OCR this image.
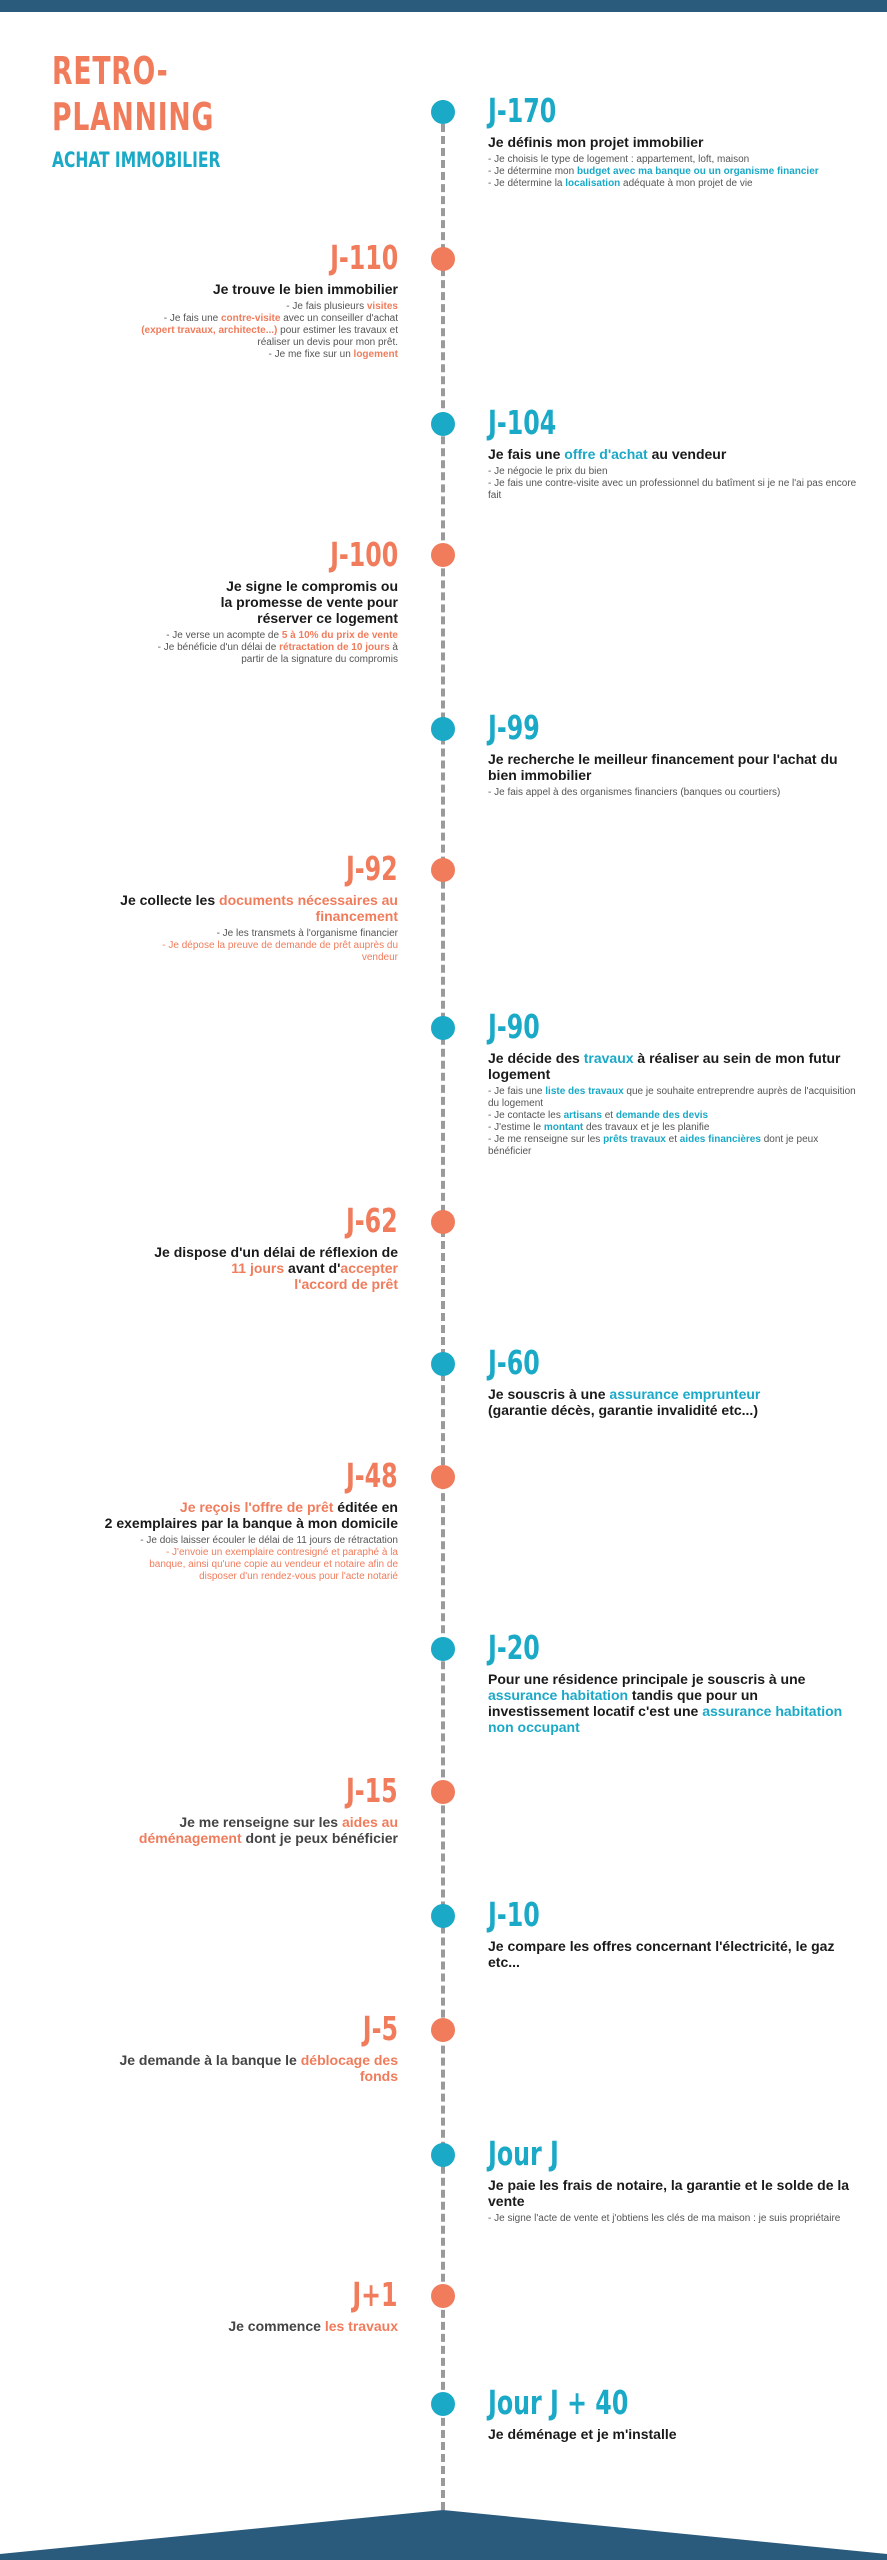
RETRO-
PLANNING
ACHAT IMMOBILIER
J-170
Je définis mon projet immobilier
- Je choisis le type de logement : appartement, loft, maison
- Je détermine mon budget avec ma banque ou un organisme financier
- Je détermine la localisation adéquate à mon projet de vie
J-110
Je trouve le bien immobilier
- Je fais plusieurs visites
- Je fais une contre-visite avec un conseiller d'achat
(expert travaux, architecte...) pour estimer les travaux et
réaliser un devis pour mon prêt.
- Je me fixe sur un logement
J-104
Je fais une offre d'achat au vendeur
- Je négocie le prix du bien
- Je fais une contre-visite avec un professionnel du batîment si je ne l'ai pas encore fait
J-100
Je signe le compromis ou
la promesse de vente pour
réserver ce logement
- Je verse un acompte de 5 à 10% du prix de vente
- Je bénéficie d'un délai de rétractation de 10 jours à
partir de la signature du compromis
J-99
Je recherche le meilleur financement pour l'achat du bien immobilier
- Je fais appel à des organismes financiers (banques ou courtiers)
J-92
Je collecte les documents nécessaires au
financement
- Je les transmets à l'organisme financier
- Je dépose la preuve de demande de prêt auprès du
vendeur
J-90
Je décide des travaux à réaliser au sein de mon futur logement
- Je fais une liste des travaux que je souhaite entreprendre auprès de l'acquisition du logement
- Je contacte les artisans et demande des devis
- J'estime le montant des travaux et je les planifie
- Je me renseigne sur les prêts travaux et aides financières dont je peux bénéficier
J-62
Je dispose d'un délai de réflexion de
11 jours avant d'accepter
l'accord de prêt
J-60
Je souscris à une assurance emprunteur
(garantie décès, garantie invalidité etc...)
J-48
Je reçois l'offre de prêt éditée en
2 exemplaires par la banque à mon domicile
- Je dois laisser écouler le délai de 11 jours de rétractation
- J'envoie un exemplaire contresigné et paraphé à la
banque, ainsi qu'une copie au vendeur et notaire afin de
disposer d'un rendez-vous pour l'acte notarié
J-20
Pour une résidence principale je souscris à une assurance habitation tandis que pour un investissement locatif c'est une assurance habitation non occupant
J-15
Je me renseigne sur les aides au
déménagement dont je peux bénéficier
J-10
Je compare les offres concernant l'électricité, le gaz etc...
J-5
Je demande à la banque le déblocage des
fonds
Jour J
Je paie les frais de notaire, la garantie et le solde de la vente
- Je signe l'acte de vente et j'obtiens les clés de ma maison : je suis propriétaire
J+1
Je commence les travaux
Jour J + 40
Je déménage et je m'installe
